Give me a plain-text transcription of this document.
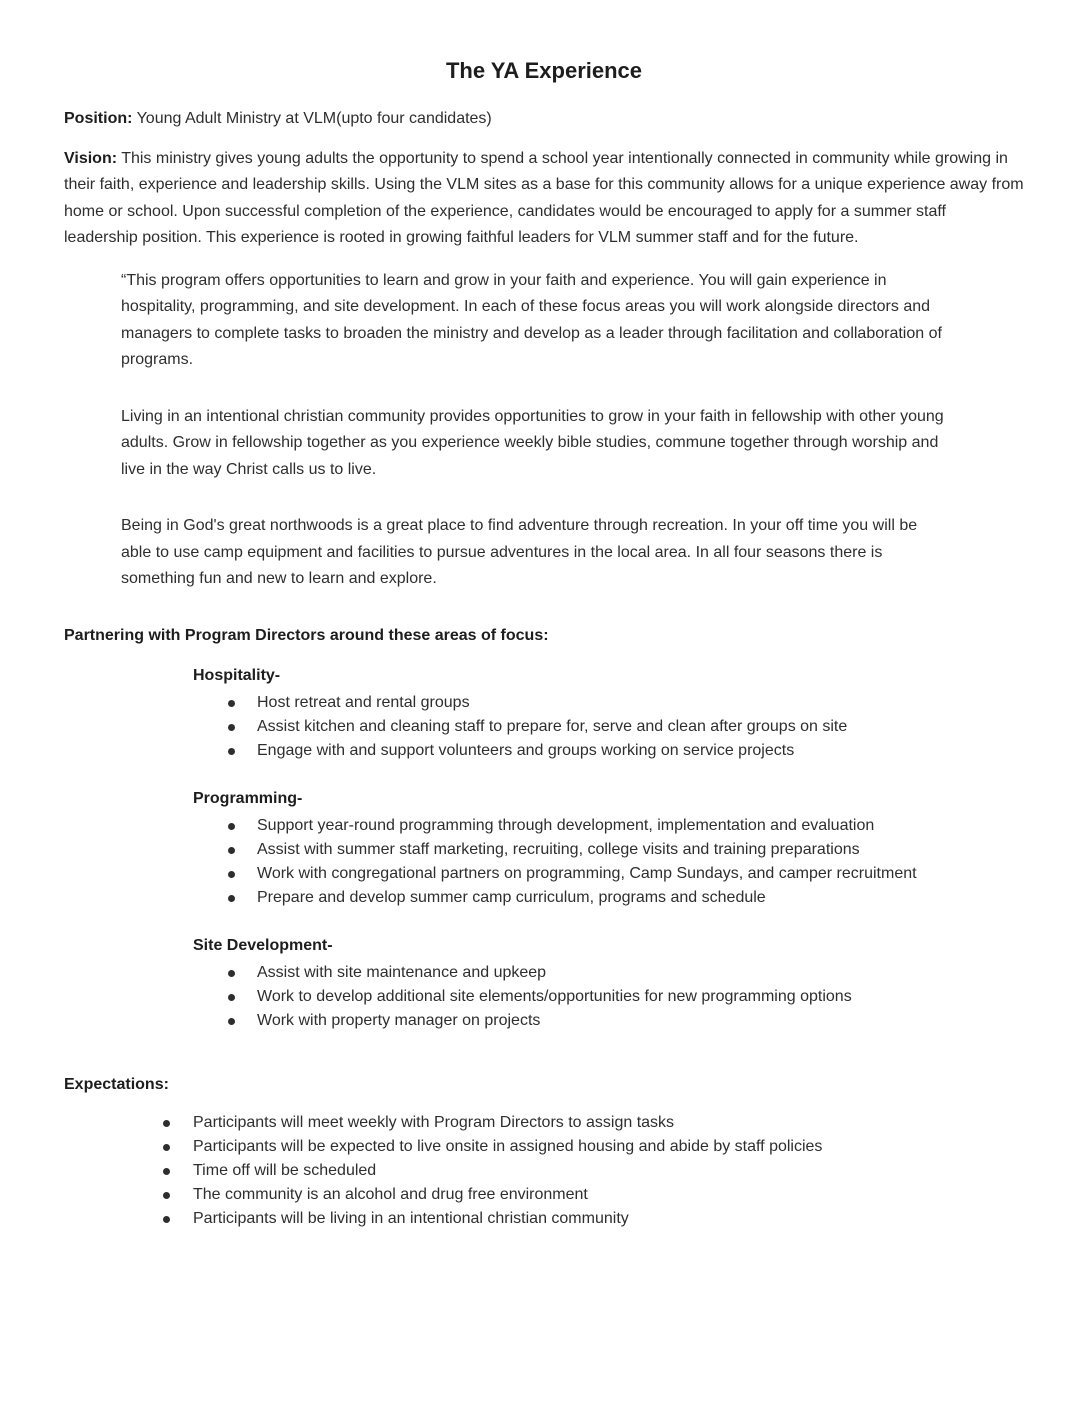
The YA Experience

Position: Young Adult Ministry at VLM(upto four candidates)

Vision: This ministry gives young adults the opportunity to spend a school year intentionally connected in community while growing in their faith, experience and leadership skills. Using the VLM sites as a base for this community allows for a unique experience away from home or school. Upon successful completion of the experience, candidates would be encouraged to apply for a summer staff leadership position. This experience is rooted in growing faithful leaders for VLM summer staff and for the future.

“This program offers opportunities to learn and grow in your faith and experience. You will gain experience in hospitality, programming, and site development. In each of these focus areas you will work alongside directors and managers to complete tasks to broaden the ministry and develop as a leader through facilitation and collaboration of programs.

Living in an intentional christian community provides opportunities to grow in your faith in fellowship with other young adults. Grow in fellowship together as you experience weekly bible studies, commune together through worship and live in the way Christ calls us to live.

Being in God's great northwoods is a great place to find adventure through recreation. In your off time you will be able to use camp equipment and facilities to pursue adventures in the local area. In all four seasons there is something fun and new to learn and explore.

Partnering with Program Directors around these areas of focus:

Hospitality-

Host retreat and rental groups
Assist kitchen and cleaning staff to prepare for, serve and clean after groups on site
Engage with and support volunteers and groups working on service projects

Programming-

Support year-round programming through development, implementation and evaluation
Assist with summer staff marketing, recruiting, college visits and training preparations
Work with congregational partners on programming, Camp Sundays, and camper recruitment
Prepare and develop summer camp curriculum, programs and schedule

Site Development-

Assist with site maintenance and upkeep
Work to develop additional site elements/opportunities for new programming options
Work with property manager on projects

Expectations:

Participants will meet weekly with Program Directors to assign tasks
Participants will be expected to live onsite in assigned housing and abide by staff policies
Time off will be scheduled
The community is an alcohol and drug free environment
Participants will be living in an intentional christian community
